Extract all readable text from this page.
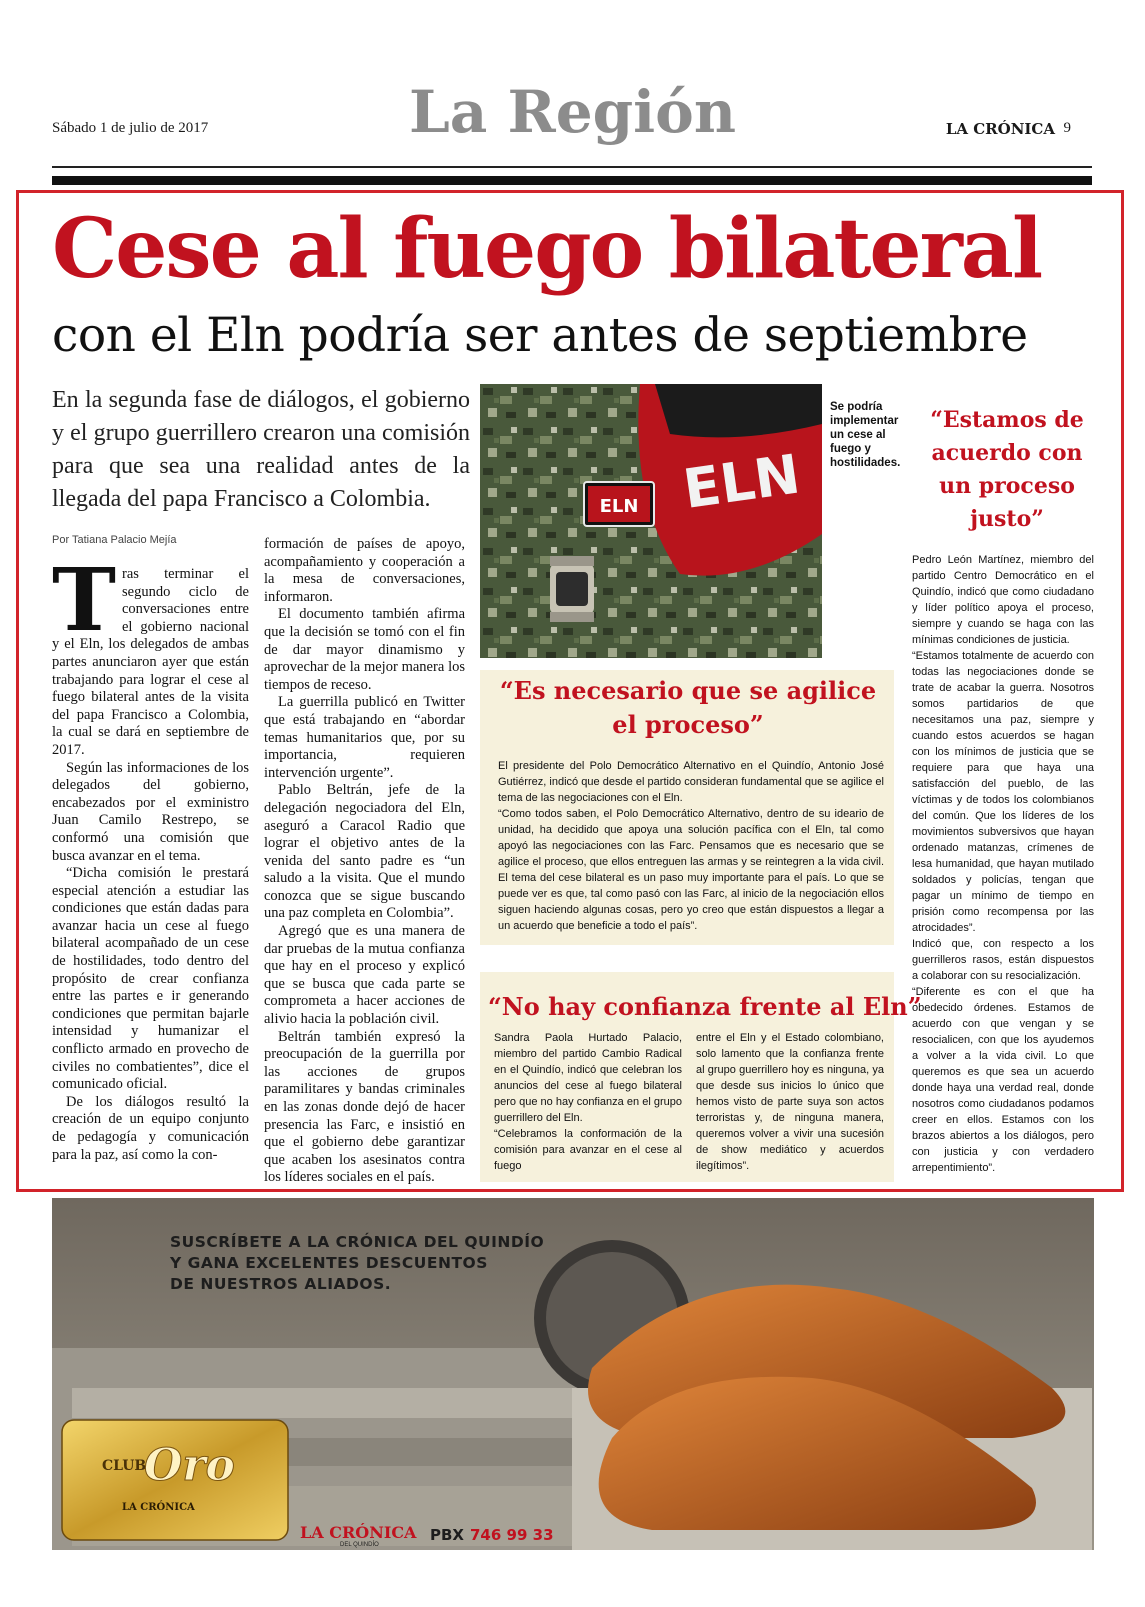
Sábado 1 de julio de 2017	La Región	LA CRÓNICA 9
Cese al fuego bilateral
con el Eln podría ser antes de septiembre
En la segunda fase de diálogos, el gobierno y el grupo guerrillero crearon una comisión para que sea una realidad antes de la llegada del papa Francisco a Colombia.
Por Tatiana Palacio Mejía

Tras terminar el segundo ciclo de conversaciones entre el gobierno nacional y el Eln, los delegados de ambas partes anunciaron ayer que están trabajando para lograr el cese al fuego bilateral antes de la visita del papa Francisco a Colombia, la cual se dará en septiembre de 2017.

Según las informaciones de los delegados del gobierno, encabezados por el exministro Juan Camilo Restrepo, se conformó una comisión que busca avanzar en el tema.

“Dicha comisión le prestará especial atención a estudiar las condiciones que están dadas para avanzar hacia un cese al fuego bilateral acompañado de un cese de hostilidades, todo dentro del propósito de crear confianza entre las partes e ir generando condiciones que permitan bajarle intensidad y humanizar el conflicto armado en provecho de civiles no combatientes”, dice el comunicado oficial.

De los diálogos resultó la creación de un equipo conjunto de pedagogía y comunicación para la paz, así como la con-

formación de países de apoyo, acompañamiento y cooperación a la mesa de conversaciones, informaron.

El documento también afirma que la decisión se tomó con el fin de dar mayor dinamismo y aprovechar de la mejor manera los tiempos de receso.

La guerrilla publicó en Twitter que está trabajando en “abordar temas humanitarios que, por su importancia, requieren intervención urgente”.

Pablo Beltrán, jefe de la delegación negociadora del Eln, aseguró a Caracol Radio que lograr el objetivo antes de la venida del santo padre es “un saludo a la visita. Que el mundo conozca que se sigue buscando una paz completa en Colombia”.

Agregó que es una manera de dar pruebas de la mutua confianza que hay en el proceso y explicó que se busca que cada parte se comprometa a hacer acciones de alivio hacia la población civil.

Beltrán también expresó la preocupación de la guerrilla por las acciones de grupos paramilitares y bandas criminales en las zonas donde dejó de hacer presencia las Farc, e insistió en que el gobierno debe garantizar que acaben los asesinatos contra los líderes sociales en el país.

ELN
ELN
Se podría implementar un cese al fuego y hostilidades.
“Estamos de acuerdo con un proceso justo”

Pedro León Martínez, miembro del partido Centro Democrático en el Quindío, indicó que como ciudadano y líder político apoya el proceso, siempre y cuando se haga con las mínimas condiciones de justicia.

“Estamos totalmente de acuerdo con todas las negociaciones donde se trate de acabar la guerra. Nosotros somos partidarios de que necesitamos una paz, siempre y cuando estos acuerdos se hagan con los mínimos de justicia que se requiere para que haya una satisfacción del pueblo, de las víctimas y de todos los colombianos del común. Que los líderes de los movimientos subversivos que hayan ordenado matanzas, crímenes de lesa humanidad, que hayan mutilado soldados y policías, tengan que pagar un mínimo de tiempo en prisión como recompensa por las atrocidades”.

Indicó que, con respecto a los guerrilleros rasos, están dispuestos a colaborar con su resocialización.

“Diferente es con el que ha obedecido órdenes. Estamos de acuerdo con que vengan y se resocialicen, con que los ayudemos a volver a la vida civil. Lo que queremos es que sea un acuerdo donde haya una verdad real, donde nosotros como ciudadanos podamos creer en ellos. Estamos con los brazos abiertos a los diálogos, pero con justicia y con verdadero arrepentimiento”.

“Es necesario que se agilice el proceso”

El presidente del Polo Democrático Alternativo en el Quindío, Antonio José Gutiérrez, indicó que desde el partido consideran fundamental que se agilice el tema de las negociaciones con el Eln.

“Como todos saben, el Polo Democrático Alternativo, dentro de su ideario de unidad, ha decidido que apoya una solución pacífica con el Eln, tal como apoyó las negociaciones con las Farc. Pensamos que es necesario que se agilice el proceso, que ellos entreguen las armas y se reintegren a la vida civil. El tema del cese bilateral es un paso muy importante para el país. Lo que se puede ver es que, tal como pasó con las Farc, al inicio de la negociación ellos siguen haciendo algunas cosas, pero yo creo que están dispuestos a llegar a un acuerdo que beneficie a todo el país”.

“No hay confianza frente al Eln”

Sandra Paola Hurtado Palacio, miembro del partido Cambio Radical en el Quindío, indicó que celebran los anuncios del cese al fuego bilateral pero que no hay confianza en el grupo guerrillero del Eln.

“Celebramos la conformación de la comisión para avanzar en el cese al fuego

entre el Eln y el Estado colombiano, solo lamento que la confianza frente al grupo guerrillero hoy es ninguna, ya que desde sus inicios lo único que hemos visto de parte suya son actos terroristas y, de ninguna manera, queremos volver a vivir una sucesión de show mediático y acuerdos ilegítimos”.

CLUB
Oro
LA CRÓNICA
SUSCRÍBETE A LA CRÓNICA DEL QUINDÍO
Y GANA EXCELENTES DESCUENTOS
DE NUESTROS ALIADOS.
LA CRÓNICA
DEL QUINDÍO
PBX 746 99 33
